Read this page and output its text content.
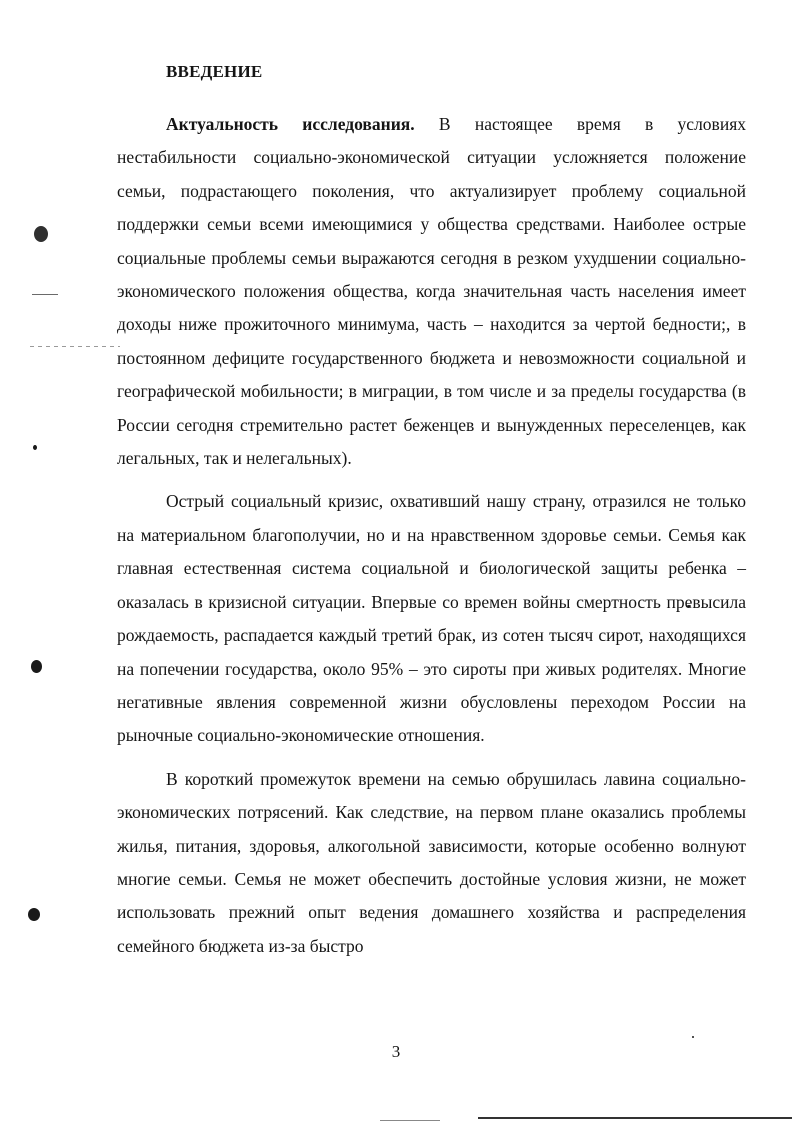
ВВЕДЕНИЕ

Актуальность исследования. В настоящее время в условиях нестабильности социально-экономической ситуации усложняется положение семьи, подрастающего поколения, что актуализирует проблему социальной поддержки семьи всеми имеющимися у общества средствами. Наиболее острые социальные проблемы семьи выражаются сегодня в резком ухудшении социально-экономического положения общества, когда значительная часть населения имеет доходы ниже прожиточного минимума, часть – находится за чертой бедности;, в постоянном дефиците государственного бюджета и невозможности социальной и географической мобильности; в миграции, в том числе и за пределы государства (в России сегодня стремительно растет беженцев и вынужденных переселенцев, как легальных, так и нелегальных).

Острый социальный кризис, охвативший нашу страну, отразился не только на материальном благополучии, но и на нравственном здоровье семьи. Семья как главная естественная система социальной и биологической защиты ребенка – оказалась в кризисной ситуации. Впервые со времен войны смертность превысила рождаемость, распадается каждый третий брак, из сотен тысяч сирот, находящихся на попечении государства, около 95% – это сироты при живых родителях. Многие негативные явления современной жизни обусловлены переходом России на рыночные социально-экономические отношения.

В короткий промежуток времени на семью обрушилась лавина социально-экономических потрясений. Как следствие, на первом плане оказались проблемы жилья, питания, здоровья, алкогольной зависимости, которые особенно волнуют многие семьи. Семья не может обеспечить достойные условия жизни, не может использовать прежний опыт ведения домашнего хозяйства и распределения семейного бюджета из-за быстро

3
